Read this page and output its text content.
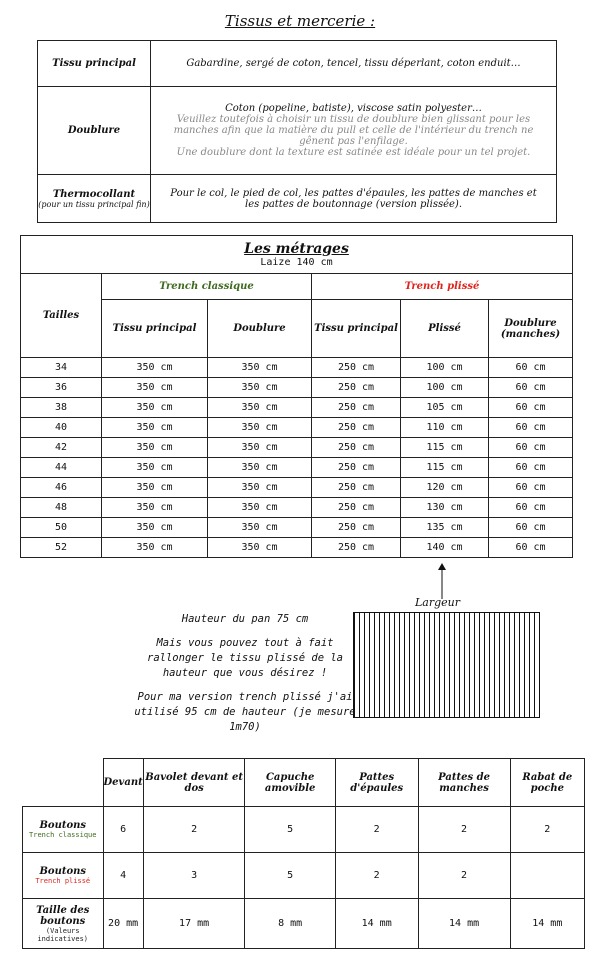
Tissus et mercerie :
Tissu principal	Gabardine, sergé de coton, tencel, tissu déperlant, coton enduit…
Doublure	Coton (popeline, batiste), viscose satin polyester…
Veuillez toutefois à choisir un tissu de doublure bien glissant pour les manches afin que la matière du pull et celle de l'intérieur du trench ne gênent pas l'enfilage.
Une doublure dont la texture est satinée est idéale pour un tel projet.

Thermocollant
(pour un tissu principal fin)	Pour le col, le pied de col, les pattes d'épaules, les pattes de manches et les pattes de boutonnage (version plissée).
Les métrages
Laize 140 cm					

Tailles	Trench classique		Trench plissé		
	Tissu principal	Doublure	Tissu principal	Plissé	Doublure (manches)
34	350 cm	350 cm	250 cm	100 cm	60 cm
36	350 cm	350 cm	250 cm	100 cm	60 cm
38	350 cm	350 cm	250 cm	105 cm	60 cm
40	350 cm	350 cm	250 cm	110 cm	60 cm
42	350 cm	350 cm	250 cm	115 cm	60 cm
44	350 cm	350 cm	250 cm	115 cm	60 cm
46	350 cm	350 cm	250 cm	120 cm	60 cm
48	350 cm	350 cm	250 cm	130 cm	60 cm
50	350 cm	350 cm	250 cm	135 cm	60 cm
52	350 cm	350 cm	250 cm	140 cm	60 cm
Largeur

Hauteur du pan 75 cm

Mais vous pouvez tout à fait rallonger le tissu plissé de la hauteur que vous désirez !

Pour ma version trench plissé j'ai utilisé 95 cm de hauteur (je mesure 1m70)

	Devant	Bavolet devant et dos	Capuche amovible	Pattes d'épaules	Pattes de manches	Rabat de poche

Boutons
Trench classique	6	2	5	2	2	2

Boutons
Trench plissé	4	3	5	2	2	

Taille des boutons
(Valeurs indicatives)	20 mm	17 mm	8 mm	14 mm	14 mm	14 mm
